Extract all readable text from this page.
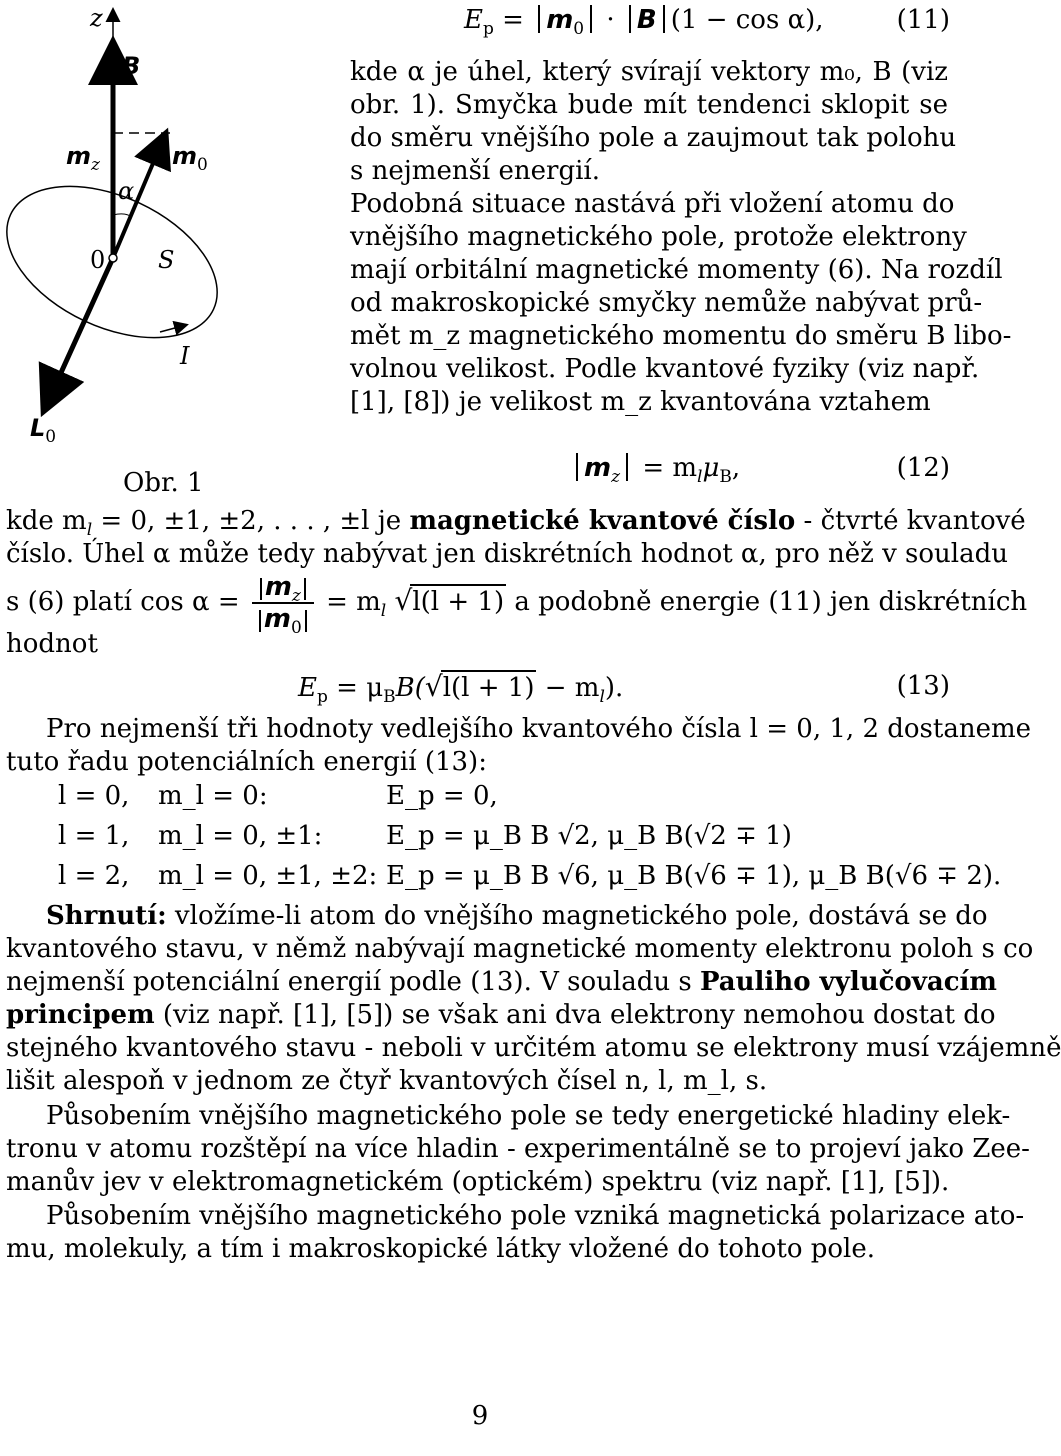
z
B
$m_z$	$m_0$
α
0 S
I
$L_0$
Obr. 1
$E_p = m_0 \cdot B$ (1 − cos α),	(11)
kde α je úhel, který svírají vektory m₀, B (viz
obr. 1). Smyčka bude mít tendenci sklopit se
do směru vnějšího pole a zaujmout tak polohu
s nejmenší energií.
Podobná situace nastává při vložení atomu do
vnějšího magnetického pole, protože elektrony
mají orbitální magnetické momenty (6). Na rozdíl
od makroskopické smyčky nemůže nabývat prů-
mět m_z magnetického momentu do směru B libo-
volnou velikost. Podle kvantové fyziky (viz např.
[1], [8]) je velikost m_z kvantována vztahem
$m_z = m_l\mu_B$,	(12)
kde $m_l = 0$, ±1, ±2, . . . , ±l je magnetické kvantové číslo - čtvrté kvantové
číslo. Úhel α může tedy nabývat jen diskrétních hodnot α, pro něž v souladu
s (6) platí $\cos \alpha = \frac{m_z}{m_0} = m_l$ √l(l + 1) a podobně energie (11) jen diskrétních
hodnot
$E_p = \mu_BB(√l(l + 1) - m_l)$.	(13)
Pro nejmenší tři hodnoty vedlejšího kvantového čísla l = 0, 1, 2 dostaneme
tuto řadu potenciálních energií (13):
l = 0, m_l = 0:	E_p = 0,
l = 1, m_l = 0, ±1: E_p = μ_B B √2, μ_B B(√2 ∓ 1)
l = 2, m_l = 0, ±1, ±2: E_p = μ_B B √6, μ_B B(√6 ∓ 1), μ_B B(√6 ∓ 2).
Shrnutí: vložíme-li atom do vnějšího magnetického pole, dostává se do
kvantového stavu, v němž nabývají magnetické momenty elektronu poloh s co
nejmenší potenciální energií podle (13). V souladu s Pauliho vylučovacím
principem (viz např. [1], [5]) se však ani dva elektrony nemohou dostat do
stejného kvantového stavu - neboli v určitém atomu se elektrony musí vzájemně
lišit alespoň v jednom ze čtyř kvantových čísel n, l, m_l, s.
Působením vnějšího magnetického pole se tedy energetické hladiny elek-
tronu v atomu rozštěpí na více hladin - experimentálně se to projeví jako Zee-
manův jev v elektromagnetickém (optickém) spektru (viz např. [1], [5]).
Působením vnějšího magnetického pole vzniká magnetická polarizace ato-
mu, molekuly, a tím i makroskopické látky vložené do tohoto pole.
9
